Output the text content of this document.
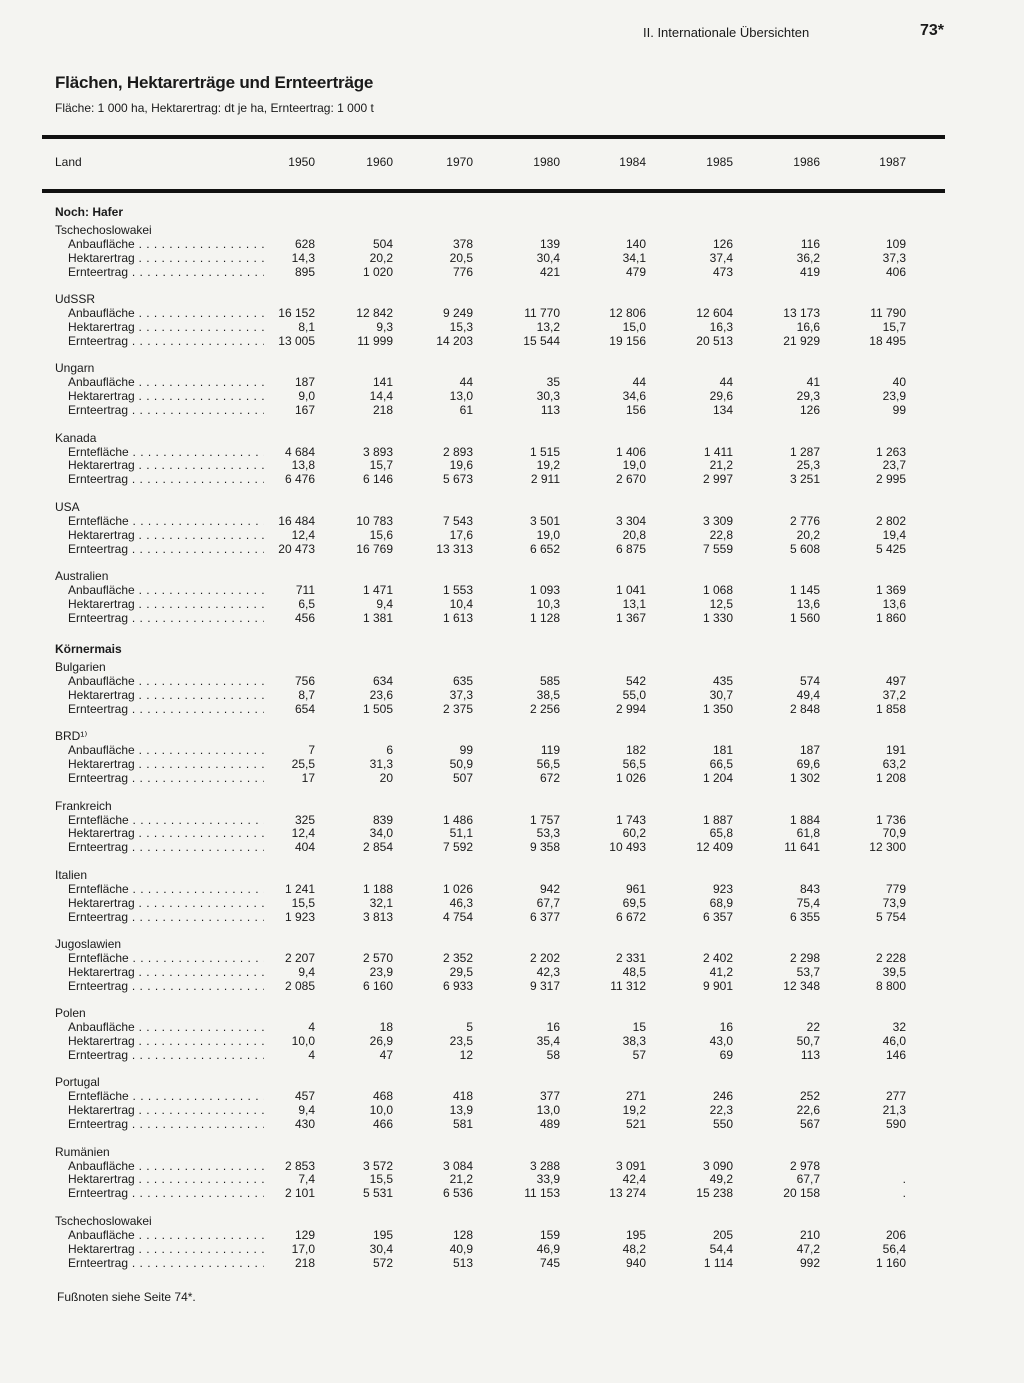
II. Internationale Übersichten	73*
Flächen, Hektarerträge und Ernteerträge
Fläche: 1 000 ha, Hektarertrag: dt je ha, Ernteertrag: 1 000 t
Land	1950	1960	1970	1980	1984	1985	1986	1987
Noch: Hafer
Tschechoslowakei
Anbaufläche . . .	628	504	378	139	140	126	116	109
Hektarertrag . . .	14,3	20,2	20,5	30,4	34,1	37,4	36,2	37,3
Ernteertrag . . .	895	1 020	776	421	479	473	419	406
UdSSR
Anbaufläche . . .	16 152	12 842	9 249	11 770	12 806	12 604	13 173	11 790
Hektarertrag . . .	8,1	9,3	15,3	13,2	15,0	16,3	16,6	15,7
Ernteertrag . . .	13 005	11 999	14 203	15 544	19 156	20 513	21 929	18 495
Ungarn
Anbaufläche . . .	187	141	44	35	44	44	41	40
Hektarertrag . . .	9,0	14,4	13,0	30,3	34,6	29,6	29,3	23,9
Ernteertrag . . .	167	218	61	113	156	134	126	99
Kanada
Erntefläche . . .	4 684	3 893	2 893	1 515	1 406	1 411	1 287	1 263
Hektarertrag . . .	13,8	15,7	19,6	19,2	19,0	21,2	25,3	23,7
Ernteertrag . . .	6 476	6 146	5 673	2 911	2 670	2 997	3 251	2 995
USA
Erntefläche . . .	16 484	10 783	7 543	3 501	3 304	3 309	2 776	2 802
Hektarertrag . . .	12,4	15,6	17,6	19,0	20,8	22,8	20,2	19,4
Ernteertrag . . .	20 473	16 769	13 313	6 652	6 875	7 559	5 608	5 425
Australien
Anbaufläche . . .	711	1 471	1 553	1 093	1 041	1 068	1 145	1 369
Hektarertrag . . .	6,5	9,4	10,4	10,3	13,1	12,5	13,6	13,6
Ernteertrag . . .	456	1 381	1 613	1 128	1 367	1 330	1 560	1 860
Körnermais
Bulgarien
Anbaufläche . . .	756	634	635	585	542	435	574	497
Hektarertrag . . .	8,7	23,6	37,3	38,5	55,0	30,7	49,4	37,2
Ernteertrag . . .	654	1 505	2 375	2 256	2 994	1 350	2 848	1 858
BRD¹⁾
Anbaufläche . . .	7	6	99	119	182	181	187	191
Hektarertrag . . .	25,5	31,3	50,9	56,5	56,5	66,5	69,6	63,2
Ernteertrag . . .	17	20	507	672	1 026	1 204	1 302	1 208
Frankreich
Erntefläche . . .	325	839	1 486	1 757	1 743	1 887	1 884	1 736
Hektarertrag . . .	12,4	34,0	51,1	53,3	60,2	65,8	61,8	70,9
Ernteertrag . . .	404	2 854	7 592	9 358	10 493	12 409	11 641	12 300
Italien
Erntefläche . . .	1 241	1 188	1 026	942	961	923	843	779
Hektarertrag . . .	15,5	32,1	46,3	67,7	69,5	68,9	75,4	73,9
Ernteertrag . . .	1 923	3 813	4 754	6 377	6 672	6 357	6 355	5 754
Jugoslawien
Erntefläche . . .	2 207	2 570	2 352	2 202	2 331	2 402	2 298	2 228
Hektarertrag . . .	9,4	23,9	29,5	42,3	48,5	41,2	53,7	39,5
Ernteertrag . . .	2 085	6 160	6 933	9 317	11 312	9 901	12 348	8 800
Polen
Anbaufläche . . .	4	18	5	16	15	16	22	32
Hektarertrag . . .	10,0	26,9	23,5	35,4	38,3	43,0	50,7	46,0
Ernteertrag . . .	4	47	12	58	57	69	113	146
Portugal
Erntefläche . . .	457	468	418	377	271	246	252	277
Hektarertrag . . .	9,4	10,0	13,9	13,0	19,2	22,3	22,6	21,3
Ernteertrag . . .	430	466	581	489	521	550	567	590
Rumänien
Anbaufläche . . .	2 853	3 572	3 084	3 288	3 091	3 090	2 978
Hektarertrag . . .	7,4	15,5	21,2	33,9	42,4	49,2	67,7	.
Ernteertrag . . .	2 101	5 531	6 536	11 153	13 274	15 238	20 158	.
Tschechoslowakei
Anbaufläche . . .	129	195	128	159	195	205	210	206
Hektarertrag . . .	17,0	30,4	40,9	46,9	48,2	54,4	47,2	56,4
Ernteertrag . . .	218	572	513	745	940	1 114	992	1 160
Fußnoten siehe Seite 74*.
